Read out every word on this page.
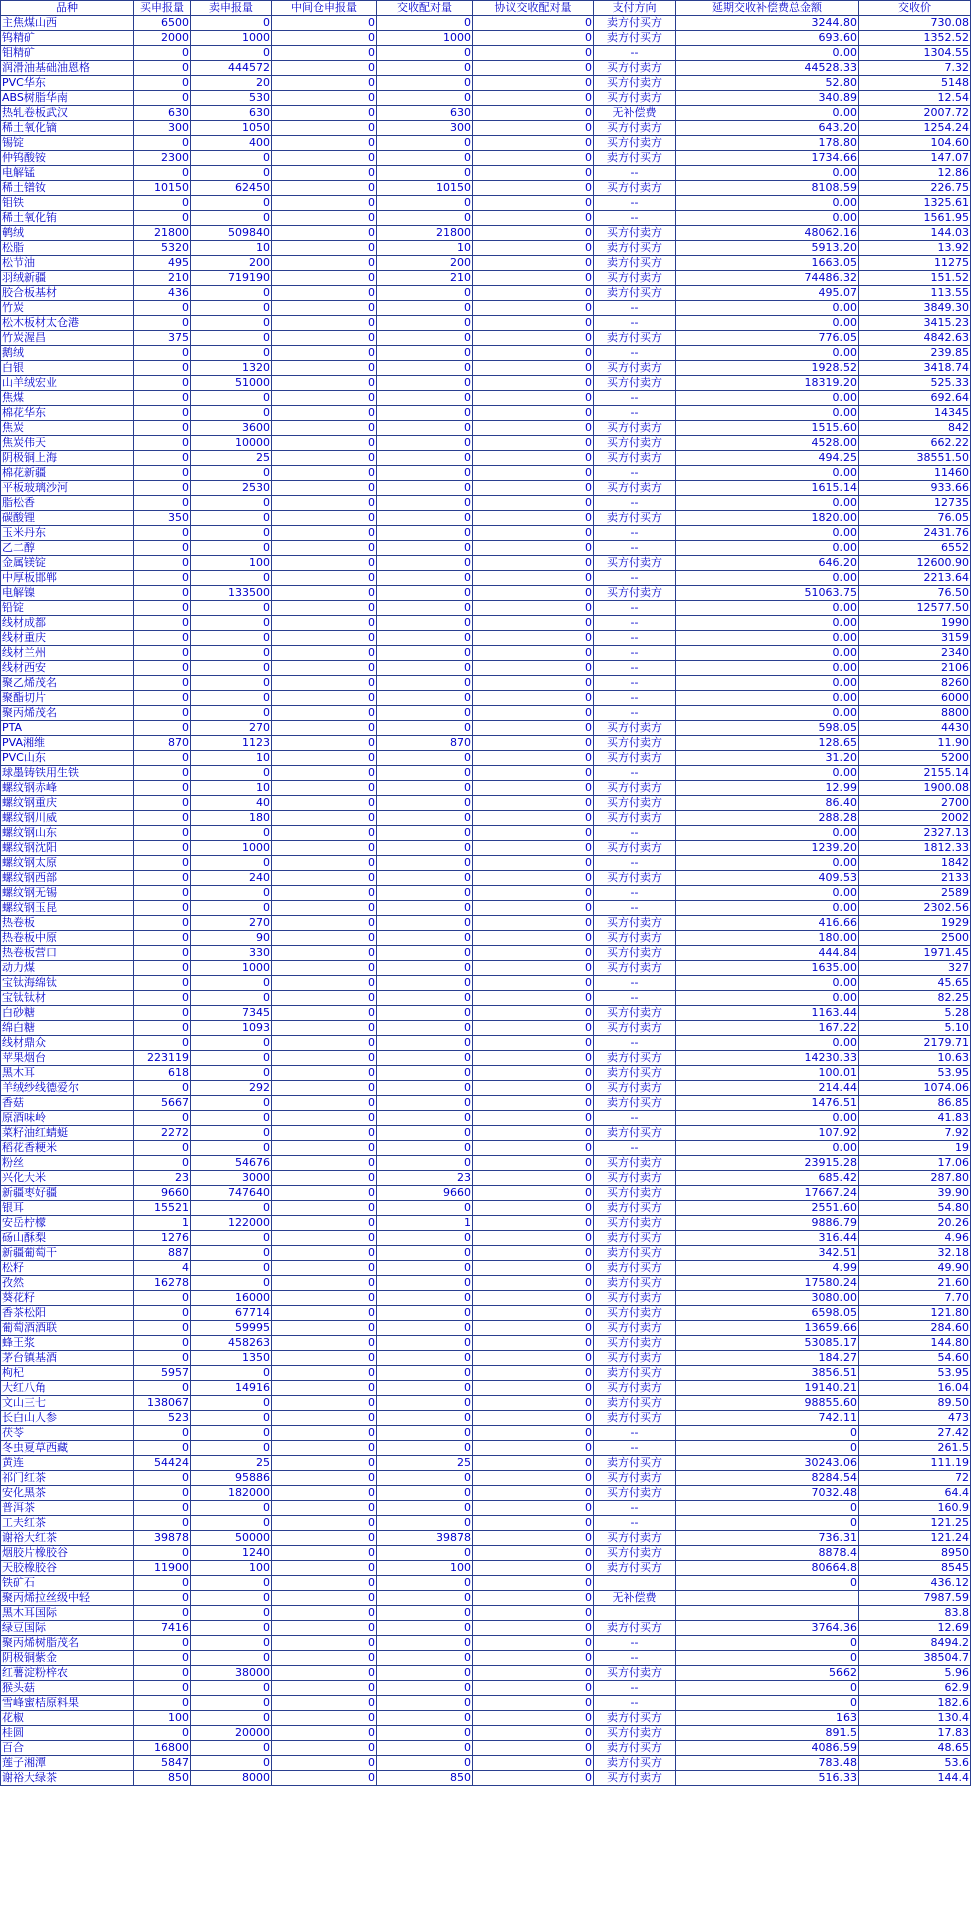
品种	买申报量	卖申报量	中间仓申报量	交收配对量	协议交收配对量	支付方向	延期交收补偿费总金额	交收价
主焦煤山西	6500	0	0	0	0	卖方付买方	3244.80	730.08
钨精矿	2000	1000	0	1000	0	卖方付买方	693.60	1352.52
钼精矿	0	0	0	0	0	--	0.00	1304.55
润滑油基础油恩格	0	444572	0	0	0	买方付卖方	44528.33	7.32
PVC华东	0	20	0	0	0	买方付卖方	52.80	5148
ABS树脂华南	0	530	0	0	0	买方付卖方	340.89	12.54
热轧卷板武汉	630	630	0	630	0	无补偿费	0.00	2007.72
稀土氧化镝	300	1050	0	300	0	买方付卖方	643.20	1254.24
锡锭	0	400	0	0	0	买方付卖方	178.80	104.60
仲钨酸铵	2300	0	0	0	0	卖方付买方	1734.66	147.07
电解锰	0	0	0	0	0	--	0.00	12.86
稀土镨钕	10150	62450	0	10150	0	买方付卖方	8108.59	226.75
钼铁	0	0	0	0	0	--	0.00	1325.61
稀土氧化铕	0	0	0	0	0	--	0.00	1561.95
鹌绒	21800	509840	0	21800	0	买方付卖方	48062.16	144.03
松脂	5320	10	0	10	0	卖方付买方	5913.20	13.92
松节油	495	200	0	200	0	卖方付买方	1663.05	11275
羽绒新疆	210	719190	0	210	0	买方付卖方	74486.32	151.52
胶合板基材	436	0	0	0	0	卖方付买方	495.07	113.55
竹炭	0	0	0	0	0	--	0.00	3849.30
松木板材太仓港	0	0	0	0	0	--	0.00	3415.23
竹炭渥昌	375	0	0	0	0	卖方付买方	776.05	4842.63
鹅绒	0	0	0	0	0	--	0.00	239.85
白银	0	1320	0	0	0	买方付卖方	1928.52	3418.74
山羊绒宏业	0	51000	0	0	0	买方付卖方	18319.20	525.33
焦煤	0	0	0	0	0	--	0.00	692.64
棉花华东	0	0	0	0	0	--	0.00	14345
焦炭	0	3600	0	0	0	买方付卖方	1515.60	842
焦炭伟天	0	10000	0	0	0	买方付卖方	4528.00	662.22
阴极铜上海	0	25	0	0	0	买方付卖方	494.25	38551.50
棉花新疆	0	0	0	0	0	--	0.00	11460
平板玻璃沙河	0	2530	0	0	0	买方付卖方	1615.14	933.66
脂松香	0	0	0	0	0	--	0.00	12735
碳酸锂	350	0	0	0	0	卖方付买方	1820.00	76.05
玉米丹东	0	0	0	0	0	--	0.00	2431.76
乙二醇	0	0	0	0	0	--	0.00	6552
金属镁锭	0	100	0	0	0	买方付卖方	646.20	12600.90
中厚板邯郸	0	0	0	0	0	--	0.00	2213.64
电解镍	0	133500	0	0	0	买方付卖方	51063.75	76.50
铅锭	0	0	0	0	0	--	0.00	12577.50
线材成都	0	0	0	0	0	--	0.00	1990
线材重庆	0	0	0	0	0	--	0.00	3159
线材兰州	0	0	0	0	0	--	0.00	2340
线材西安	0	0	0	0	0	--	0.00	2106
聚乙烯茂名	0	0	0	0	0	--	0.00	8260
聚酯切片	0	0	0	0	0	--	0.00	6000
聚丙烯茂名	0	0	0	0	0	--	0.00	8800
PTA	0	270	0	0	0	买方付卖方	598.05	4430
PVA湘维	870	1123	0	870	0	买方付卖方	128.65	11.90
PVC山东	0	10	0	0	0	买方付卖方	31.20	5200
球墨铸铁用生铁	0	0	0	0	0	--	0.00	2155.14
螺纹钢赤峰	0	10	0	0	0	买方付卖方	12.99	1900.08
螺纹钢重庆	0	40	0	0	0	买方付卖方	86.40	2700
螺纹钢川威	0	180	0	0	0	买方付卖方	288.28	2002
螺纹钢山东	0	0	0	0	0	--	0.00	2327.13
螺纹钢沈阳	0	1000	0	0	0	买方付卖方	1239.20	1812.33
螺纹钢太原	0	0	0	0	0	--	0.00	1842
螺纹钢西部	0	240	0	0	0	买方付卖方	409.53	2133
螺纹钢无锡	0	0	0	0	0	--	0.00	2589
螺纹钢玉昆	0	0	0	0	0	--	0.00	2302.56
热卷板	0	270	0	0	0	买方付卖方	416.66	1929
热卷板中原	0	90	0	0	0	买方付卖方	180.00	2500
热卷板营口	0	330	0	0	0	买方付卖方	444.84	1971.45
动力煤	0	1000	0	0	0	买方付卖方	1635.00	327
宝钛海绵钛	0	0	0	0	0	--	0.00	45.65
宝钛钛材	0	0	0	0	0	--	0.00	82.25
白砂糖	0	7345	0	0	0	买方付卖方	1163.44	5.28
绵白糖	0	1093	0	0	0	买方付卖方	167.22	5.10
线材鼎众	0	0	0	0	0	--	0.00	2179.71
苹果烟台	223119	0	0	0	0	卖方付买方	14230.33	10.63
黑木耳	618	0	0	0	0	卖方付买方	100.01	53.95
羊绒纱线德爱尔	0	292	0	0	0	买方付卖方	214.44	1074.06
香菇	5667	0	0	0	0	卖方付买方	1476.51	86.85
原酒味岭	0	0	0	0	0	--	0.00	41.83
菜籽油红蜻蜓	2272	0	0	0	0	卖方付买方	107.92	7.92
稻花香粳米	0	0	0	0	0	--	0.00	19
粉丝	0	54676	0	0	0	买方付卖方	23915.28	17.06
兴化大米	23	3000	0	23	0	买方付卖方	685.42	287.80
新疆枣好疆	9660	747640	0	9660	0	买方付卖方	17667.24	39.90
银耳	15521	0	0	0	0	卖方付买方	2551.60	54.80
安岳柠檬	1	122000	0	1	0	买方付卖方	9886.79	20.26
砀山酥梨	1276	0	0	0	0	卖方付买方	316.44	4.96
新疆葡萄干	887	0	0	0	0	卖方付买方	342.51	32.18
松籽	4	0	0	0	0	卖方付买方	4.99	49.90
孜然	16278	0	0	0	0	卖方付买方	17580.24	21.60
葵花籽	0	16000	0	0	0	买方付卖方	3080.00	7.70
香茶松阳	0	67714	0	0	0	买方付卖方	6598.05	121.80
葡萄酒酒联	0	59995	0	0	0	买方付卖方	13659.66	284.60
蜂王浆	0	458263	0	0	0	买方付卖方	53085.17	144.80
茅台镇基酒	0	1350	0	0	0	买方付卖方	184.27	54.60
枸杞	5957	0	0	0	0	卖方付买方	3856.51	53.95
大红八角	0	14916	0	0	0	买方付卖方	19140.21	16.04
文山三七	138067	0	0	0	0	卖方付买方	98855.60	89.50
长白山人参	523	0	0	0	0	卖方付买方	742.11	473
茯苓	0	0	0	0	0	--	0	27.42
冬虫夏草西藏	0	0	0	0	0	--	0	261.5
黄连	54424	25	0	25	0	卖方付买方	30243.06	111.19
祁门红茶	0	95886	0	0	0	买方付卖方	8284.54	72
安化黑茶	0	182000	0	0	0	买方付卖方	7032.48	64.4
普洱茶	0	0	0	0	0	--	0	160.9
工夫红茶	0	0	0	0	0	--	0	121.25
谢裕大红茶	39878	50000	0	39878	0	买方付卖方	736.31	121.24
烟胶片橡胶谷	0	1240	0	0	0	买方付卖方	8878.4	8950
天胶橡胶谷	11900	100	0	100	0	卖方付买方	80664.8	8545
铁矿石	0	0	0	0	0		0	436.12
聚丙烯拉丝级中轻	0	0	0	0	0	无补偿费		7987.59
黑木耳国际	0	0	0	0	0			83.8
绿豆国际	7416	0	0	0	0	卖方付买方	3764.36	12.69
聚丙烯树脂茂名	0	0	0	0	0	--	0	8494.2
阴极铜紫金	0	0	0	0	0	--	0	38504.7
红薯淀粉梓农	0	38000	0	0	0	买方付卖方	5662	5.96
猴头菇	0	0	0	0	0	--	0	62.9
雪峰蜜桔原料果	0	0	0	0	0	--	0	182.6
花椒	100	0	0	0	0	卖方付买方	163	130.4
桂圆	0	20000	0	0	0	买方付卖方	891.5	17.83
百合	16800	0	0	0	0	卖方付买方	4086.59	48.65
莲子湘潭	5847	0	0	0	0	卖方付买方	783.48	53.6
谢裕大绿茶	850	8000	0	850	0	买方付卖方	516.33	144.4
